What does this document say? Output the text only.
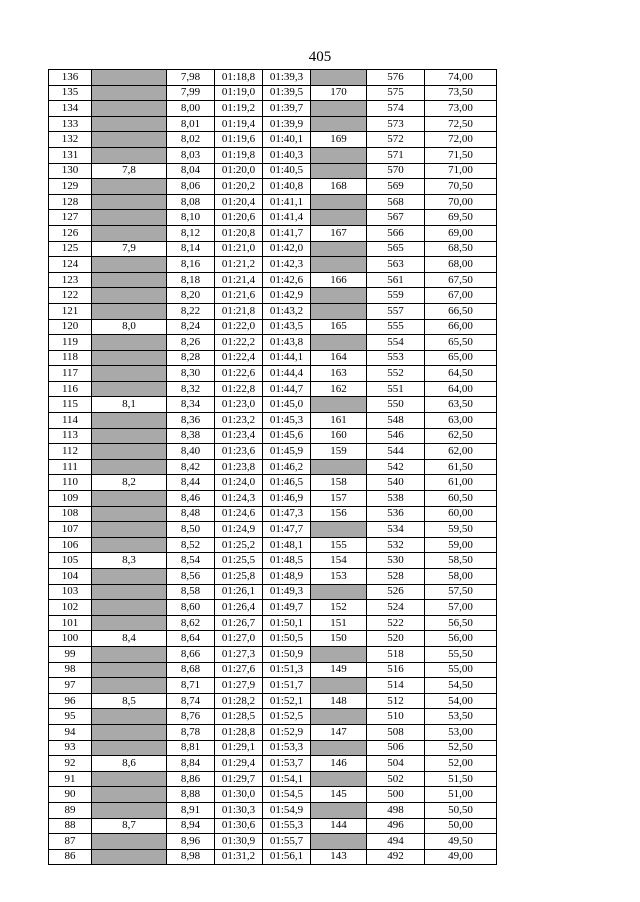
405
136		7,98	01:18,8	01:39,3		576	74,00
135		7,99	01:19,0	01:39,5	170	575	73,50
134		8,00	01:19,2	01:39,7		574	73,00
133		8,01	01:19,4	01:39,9		573	72,50
132		8,02	01:19,6	01:40,1	169	572	72,00
131		8,03	01:19,8	01:40,3		571	71,50
130	7,8	8,04	01:20,0	01:40,5		570	71,00
129		8,06	01:20,2	01:40,8	168	569	70,50
128		8,08	01:20,4	01:41,1		568	70,00
127		8,10	01:20,6	01:41,4		567	69,50
126		8,12	01:20,8	01:41,7	167	566	69,00
125	7,9	8,14	01:21,0	01:42,0		565	68,50
124		8,16	01:21,2	01:42,3		563	68,00
123		8,18	01:21,4	01:42,6	166	561	67,50
122		8,20	01:21,6	01:42,9		559	67,00
121		8,22	01:21,8	01:43,2		557	66,50
120	8,0	8,24	01:22,0	01:43,5	165	555	66,00
119		8,26	01:22,2	01:43,8		554	65,50
118		8,28	01:22,4	01:44,1	164	553	65,00
117		8,30	01:22,6	01:44,4	163	552	64,50
116		8,32	01:22,8	01:44,7	162	551	64,00
115	8,1	8,34	01:23,0	01:45,0		550	63,50
114		8,36	01:23,2	01:45,3	161	548	63,00
113		8,38	01:23,4	01:45,6	160	546	62,50
112		8,40	01:23,6	01:45,9	159	544	62,00
111		8,42	01:23,8	01:46,2		542	61,50
110	8,2	8,44	01:24,0	01:46,5	158	540	61,00
109		8,46	01:24,3	01:46,9	157	538	60,50
108		8,48	01:24,6	01:47,3	156	536	60,00
107		8,50	01:24,9	01:47,7		534	59,50
106		8,52	01:25,2	01:48,1	155	532	59,00
105	8,3	8,54	01:25,5	01:48,5	154	530	58,50
104		8,56	01:25,8	01:48,9	153	528	58,00
103		8,58	01:26,1	01:49,3		526	57,50
102		8,60	01:26,4	01:49,7	152	524	57,00
101		8,62	01:26,7	01:50,1	151	522	56,50
100	8,4	8,64	01:27,0	01:50,5	150	520	56,00
99		8,66	01:27,3	01:50,9		518	55,50
98		8,68	01:27,6	01:51,3	149	516	55,00
97		8,71	01:27,9	01:51,7		514	54,50
96	8,5	8,74	01:28,2	01:52,1	148	512	54,00
95		8,76	01:28,5	01:52,5		510	53,50
94		8,78	01:28,8	01:52,9	147	508	53,00
93		8,81	01:29,1	01:53,3		506	52,50
92	8,6	8,84	01:29,4	01:53,7	146	504	52,00
91		8,86	01:29,7	01:54,1		502	51,50
90		8,88	01:30,0	01:54,5	145	500	51,00
89		8,91	01:30,3	01:54,9		498	50,50
88	8,7	8,94	01:30,6	01:55,3	144	496	50,00
87		8,96	01:30,9	01:55,7		494	49,50
86		8,98	01:31,2	01:56,1	143	492	49,00
